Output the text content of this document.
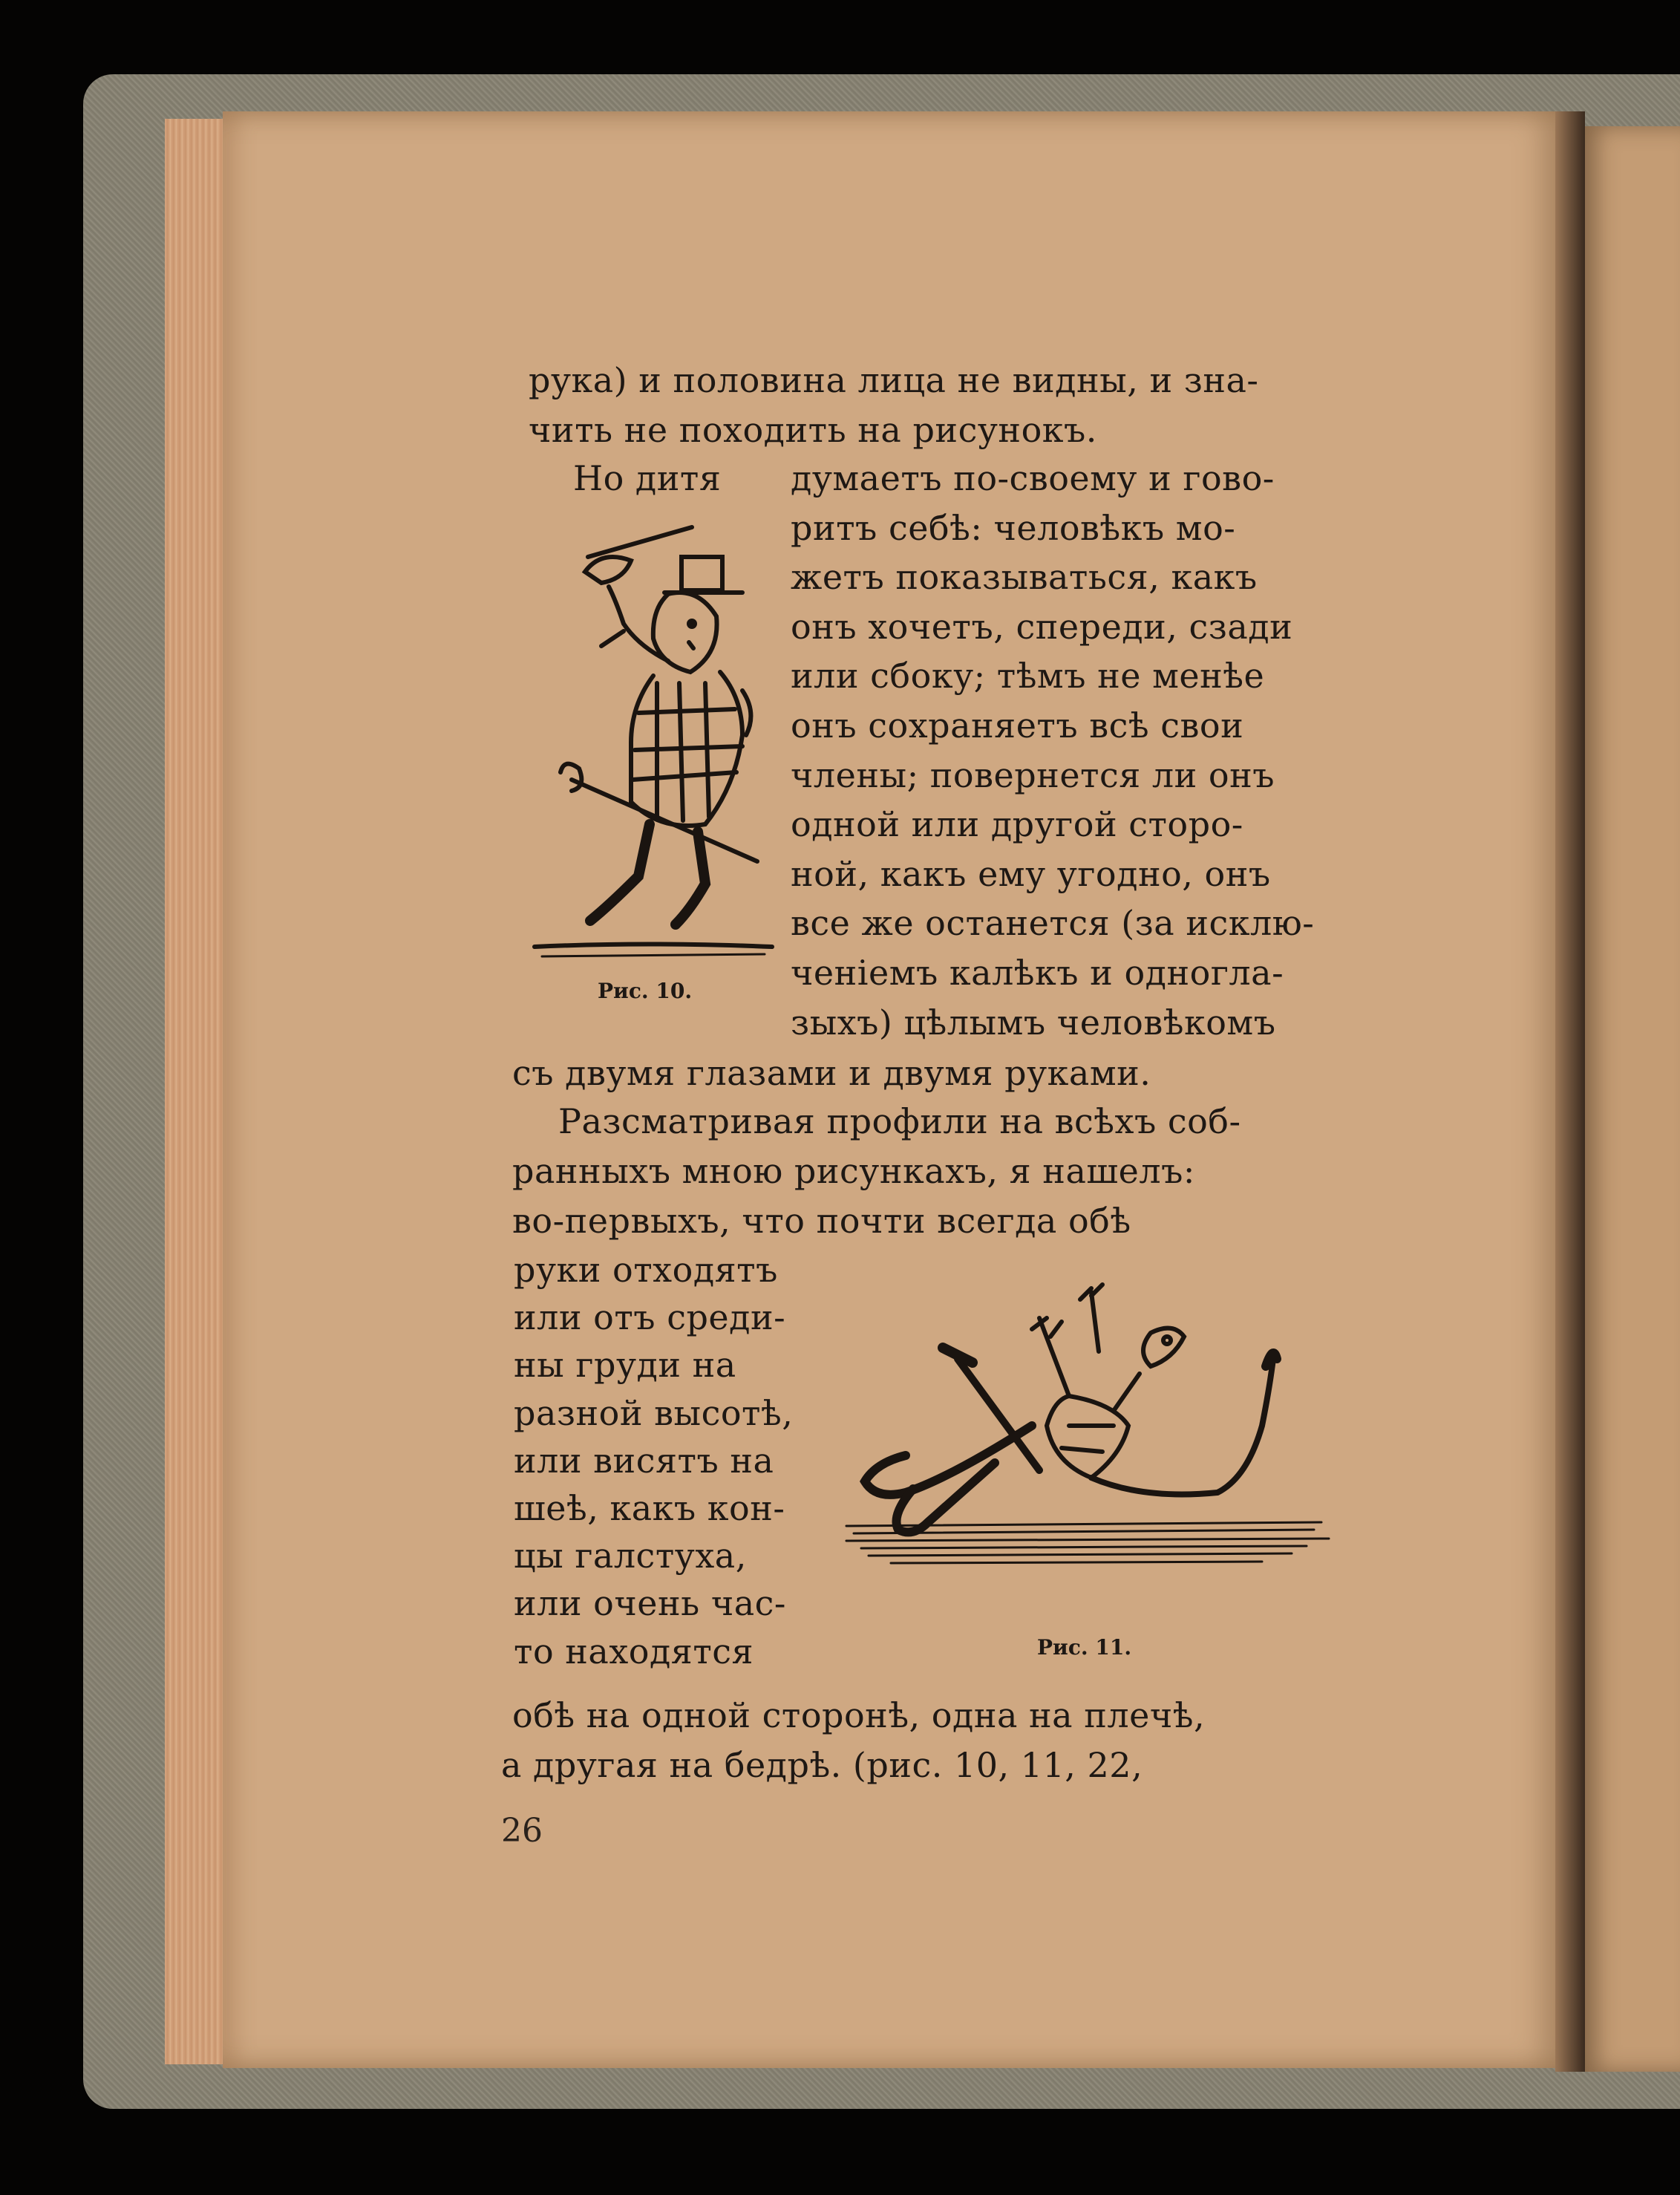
рука) и половина лица не видны, и зна-
чить не походить на рисунокъ.
Но дитя думаетъ по-своему и гово-
ритъ себѣ: человѣкъ мо-
жетъ показываться, какъ
онъ хочетъ, спереди, сзади
или сбоку; тѣмъ не менѣе
онъ сохраняетъ всѣ свои
члены; повернется ли онъ
одной или другой сторо-
ной, какъ ему угодно, онъ
все же останется (за исклю-
ченіемъ калѣкъ и одногла-
зыхъ) цѣлымъ человѣкомъ
Рис. 10.
съ двумя глазами и двумя руками.
Разсматривая профили на всѣхъ соб-
ранныхъ мною рисункахъ, я нашелъ:
во-первыхъ, что почти всегда обѣ
руки отходятъ
или отъ среди-
ны груди на
разной высотѣ,
или висятъ на
шеѣ, какъ кон-
цы галстуха,
или очень час-
то находятся	Рис. 11.
обѣ на одной сторонѣ, одна на плечѣ,
а другая на бедрѣ. (рис. 10, 11, 22,
26
